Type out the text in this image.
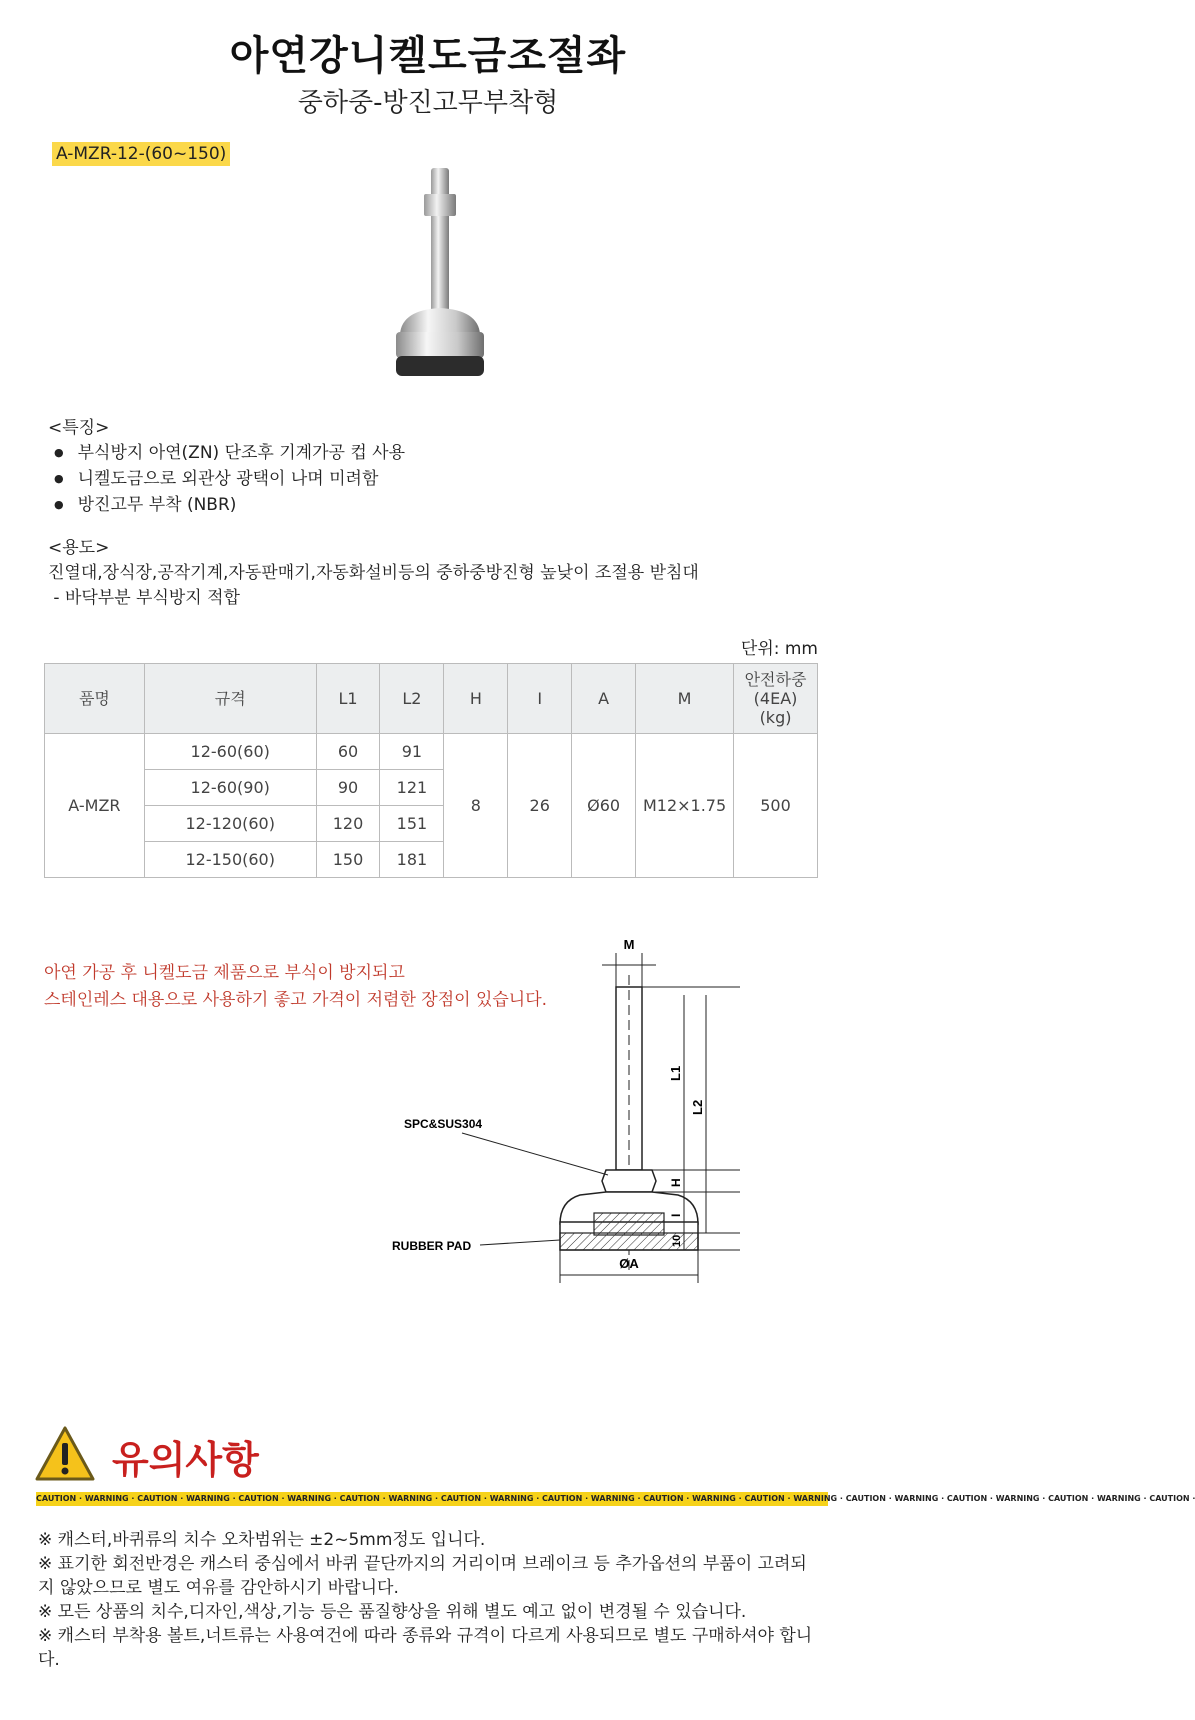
아연강니켈도금조절좌
중하중-방진고무부착형
A-MZR-12-(60~150)
<특징>
● 부식방지 아연(ZN) 단조후 기계가공 컵 사용
● 니켈도금으로 외관상 광택이 나며 미려함
● 방진고무 부착 (NBR)
<용도>
진열대,장식장,공작기계,자동판매기,자동화설비등의 중하중방진형 높낮이 조절용 받침대
- 바닥부분 부식방지 적합
단위: mm
품명	규격	L1	L2	H	I	A	M	안전하중
(4EA)
(kg)

A-MZR	12-60(60)	60	91	8	26	Ø60	M12×1.75	500
	12-60(90)	90	121					
	12-120(60)	120	151					
	12-150(60)	150	181					
아연 가공 후 니켈도금 제품으로 부식이 방지되고
스테인레스 대용으로 사용하기 좋고 가격이 저렴한 장점이 있습니다.
M
ØA
L1
L2
H
I
10
SPC&SUS304
RUBBER PAD
유의사항
CAUTION · WARNING · CAUTION · WARNING · CAUTION · WARNING · CAUTION · WARNING · CAUTION · WARNING · CAUTION · WARNING · CAUTION · WARNING · CAUTION · WARNING · CAUTION · WARNING · CAUTION · WARNING · CAUTION · WARNING · CAUTION ·
※ 캐스터,바퀴류의 치수 오차범위는 ±2~5mm정도 입니다.
※ 표기한 회전반경은 캐스터 중심에서 바퀴 끝단까지의 거리이며 브레이크 등 추가옵션의 부품이 고려되지 않았으므로 별도 여유를 감안하시기 바랍니다.
※ 모든 상품의 치수,디자인,색상,기능 등은 품질향상을 위해 별도 예고 없이 변경될 수 있습니다.
※ 캐스터 부착용 볼트,너트류는 사용여건에 따라 종류와 규격이 다르게 사용되므로 별도 구매하셔야 합니다.
